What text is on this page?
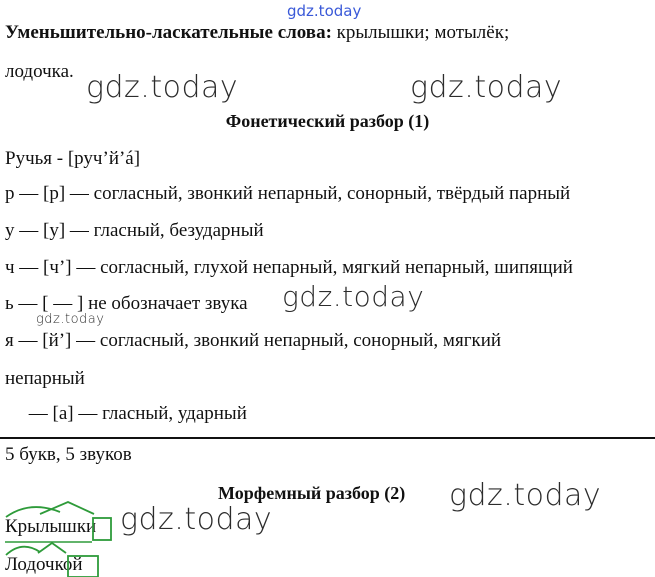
gdz.today
Уменьшительно-ласкательные слова: крылышки; мотылёк;
лодочка. gdz.today	gdz.today
Фонетический разбор (1)
Ручья - [руч’й’á]
р — [р] — согласный, звонкий непарный, сонорный, твёрдый парный
у — [у] — гласный, безударный
ч — [ч’] — согласный, глухой непарный, мягкий непарный, шипящий
ь — [ — ] не обозначает звука gdz.today
gdz.today
я — [й’] — согласный, звонкий непарный, сонорный, мягкий
непарный
— [а] — гласный, ударный
5 букв, 5 звуков
Морфемный разбор (2) gdz.today
gdz.today
Крылышки
Лодочкой
